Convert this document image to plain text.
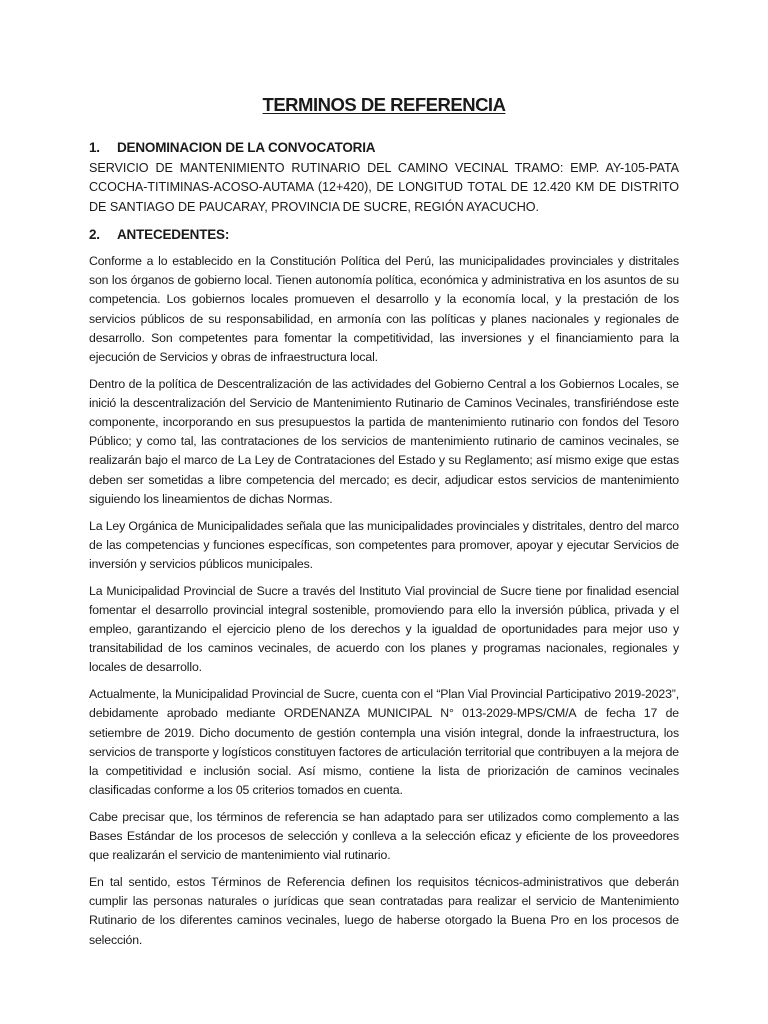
TERMINOS DE REFERENCIA
1. DENOMINACION DE LA CONVOCATORIA
SERVICIO DE MANTENIMIENTO RUTINARIO DEL CAMINO VECINAL TRAMO: EMP. AY-105-PATA CCOCHA-TITIMINAS-ACOSO-AUTAMA (12+420), DE LONGITUD TOTAL DE 12.420 KM DE DISTRITO DE SANTIAGO DE PAUCARAY, PROVINCIA DE SUCRE, REGIÓN AYACUCHO.
2. ANTECEDENTES:

Conforme a lo establecido en la Constitución Política del Perú, las municipalidades provinciales y distritales son los órganos de gobierno local. Tienen autonomía política, económica y administrativa en los asuntos de su competencia. Los gobiernos locales promueven el desarrollo y la economía local, y la prestación de los servicios públicos de su responsabilidad, en armonía con las políticas y planes nacionales y regionales de desarrollo. Son competentes para fomentar la competitividad, las inversiones y el financiamiento para la ejecución de Servicios y obras de infraestructura local.

Dentro de la política de Descentralización de las actividades del Gobierno Central a los Gobiernos Locales, se inició la descentralización del Servicio de Mantenimiento Rutinario de Caminos Vecinales, transfiriéndose este componente, incorporando en sus presupuestos la partida de mantenimiento rutinario con fondos del Tesoro Público; y como tal, las contrataciones de los servicios de mantenimiento rutinario de caminos vecinales, se realizarán bajo el marco de La Ley de Contrataciones del Estado y su Reglamento; así mismo exige que estas deben ser sometidas a libre competencia del mercado; es decir, adjudicar estos servicios de mantenimiento siguiendo los lineamientos de dichas Normas.

La Ley Orgánica de Municipalidades señala que las municipalidades provinciales y distritales, dentro del marco de las competencias y funciones específicas, son competentes para promover, apoyar y ejecutar Servicios de inversión y servicios públicos municipales.

La Municipalidad Provincial de Sucre a través del Instituto Vial provincial de Sucre tiene por finalidad esencial fomentar el desarrollo provincial integral sostenible, promoviendo para ello la inversión pública, privada y el empleo, garantizando el ejercicio pleno de los derechos y la igualdad de oportunidades para mejor uso y transitabilidad de los caminos vecinales, de acuerdo con los planes y programas nacionales, regionales y locales de desarrollo.

Actualmente, la Municipalidad Provincial de Sucre, cuenta con el “Plan Vial Provincial Participativo 2019-2023”, debidamente aprobado mediante ORDENANZA MUNICIPAL N° 013-2029-MPS/CM/A de fecha 17 de setiembre de 2019. Dicho documento de gestión contempla una visión integral, donde la infraestructura, los servicios de transporte y logísticos constituyen factores de articulación territorial que contribuyen a la mejora de la competitividad e inclusión social. Así mismo, contiene la lista de priorización de caminos vecinales clasificadas conforme a los 05 criterios tomados en cuenta.

Cabe precisar que, los términos de referencia se han adaptado para ser utilizados como complemento a las Bases Estándar de los procesos de selección y conlleva a la selección eficaz y eficiente de los proveedores que realizarán el servicio de mantenimiento vial rutinario.

En tal sentido, estos Términos de Referencia definen los requisitos técnicos-administrativos que deberán cumplir las personas naturales o jurídicas que sean contratadas para realizar el servicio de Mantenimiento Rutinario de los diferentes caminos vecinales, luego de haberse otorgado la Buena Pro en los procesos de selección.
